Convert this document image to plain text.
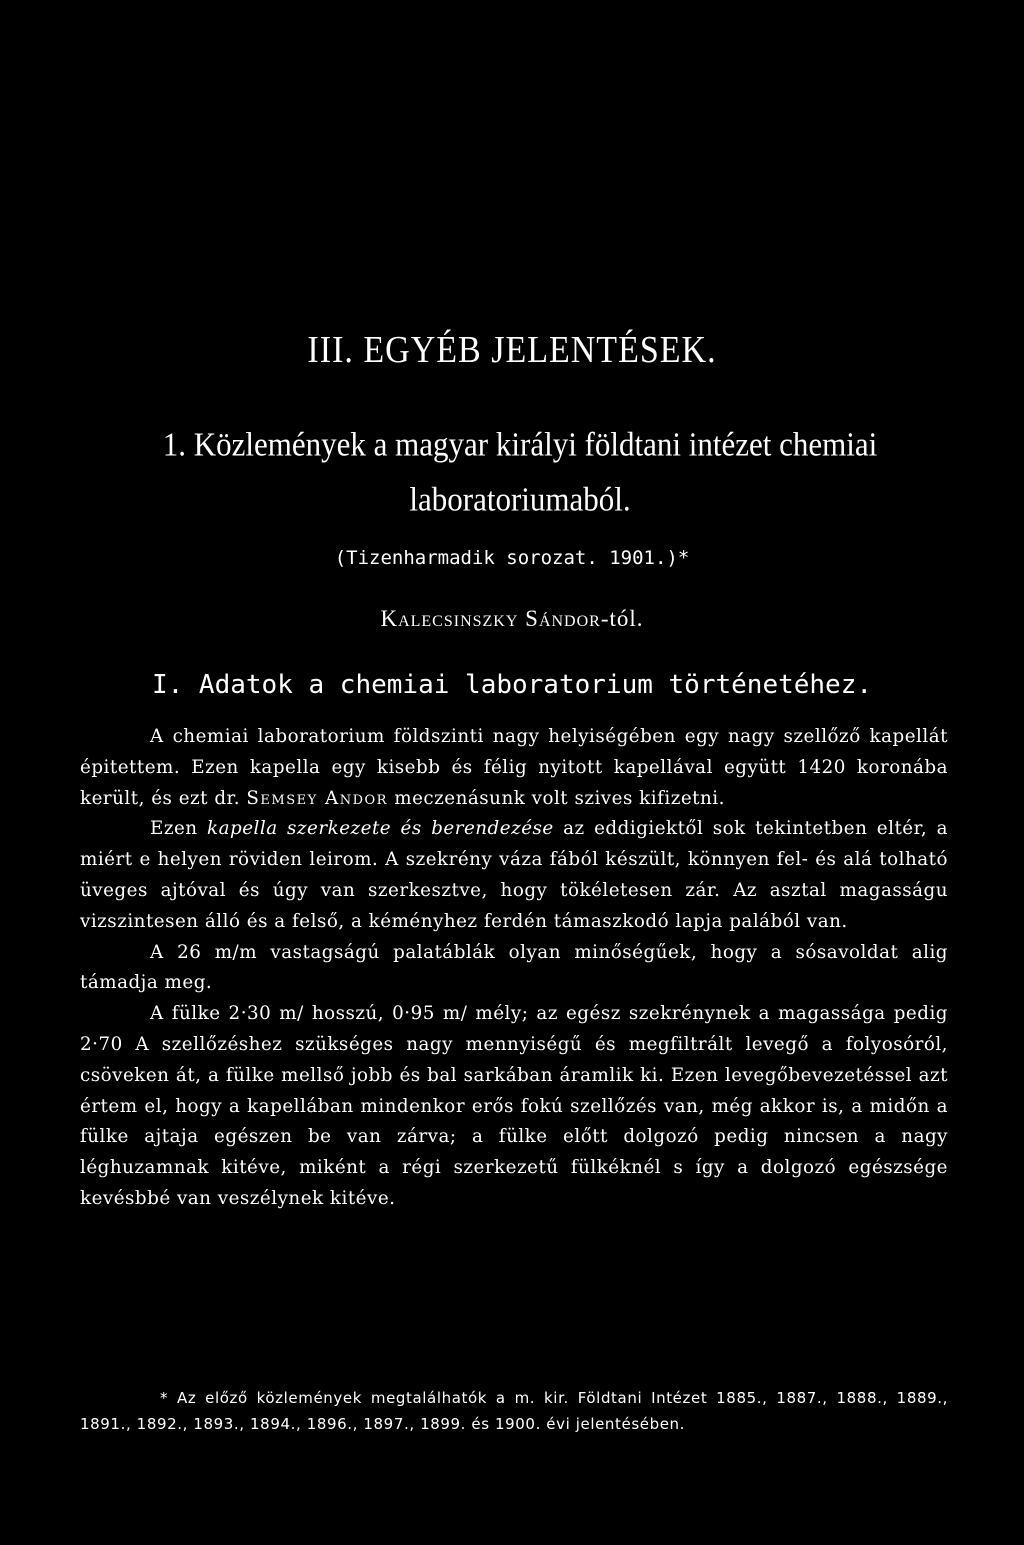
III. EGYÉB JELENTÉSEK.
1. Közlemények a magyar királyi földtani intézet chemiai laboratoriumaból.
(Tizenharmadik sorozat. 1901.)*
Kalecsinszky Sándor-tól.
I. Adatok a chemiai laboratorium történetéhez.

A chemiai laboratorium földszinti nagy helyiségében egy nagy szellőző kapellát épitettem. Ezen kapella egy kisebb és félig nyitott kapellával együtt 1420 koronába került, és ezt dr. Semsey Andor meczenásunk volt szives kifizetni.

Ezen kapella szerkezete és berendezése az eddigiektől sok tekintetben eltér, a miért e helyen röviden leirom. A szekrény váza fából készült, könnyen fel- és alá tolható üveges ajtóval és úgy van szerkesztve, hogy tökéletesen zár. Az asztal magasságu vizszintesen álló és a felső, a kéményhez ferdén támaszkodó lapja palából van.

A 26 m/m vastagságú palatáblák olyan minőségűek, hogy a sósavoldat alig támadja meg.

A fülke 2·30 m/ hosszú, 0·95 m/ mély; az egész szekrénynek a magassága pedig 2·70 A szellőzéshez szükséges nagy mennyiségű és megfiltrált levegő a folyosóról, csöveken át, a fülke mellső jobb és bal sarkában áramlik ki. Ezen levegőbevezetéssel azt értem el, hogy a kapellában mindenkor erős fokú szellőzés van, még akkor is, a midőn a fülke ajtaja egészen be van zárva; a fülke előtt dolgozó pedig nincsen a nagy léghuzamnak kitéve, miként a régi szerkezetű fülkéknél s így a dolgozó egészsége kevésbbé van veszélynek kitéve.

* Az előző közlemények megtalálhatók a m. kir. Földtani Intézet 1885., 1887., 1888., 1889., 1891., 1892., 1893., 1894., 1896., 1897., 1899. és 1900. évi jelentésében.
